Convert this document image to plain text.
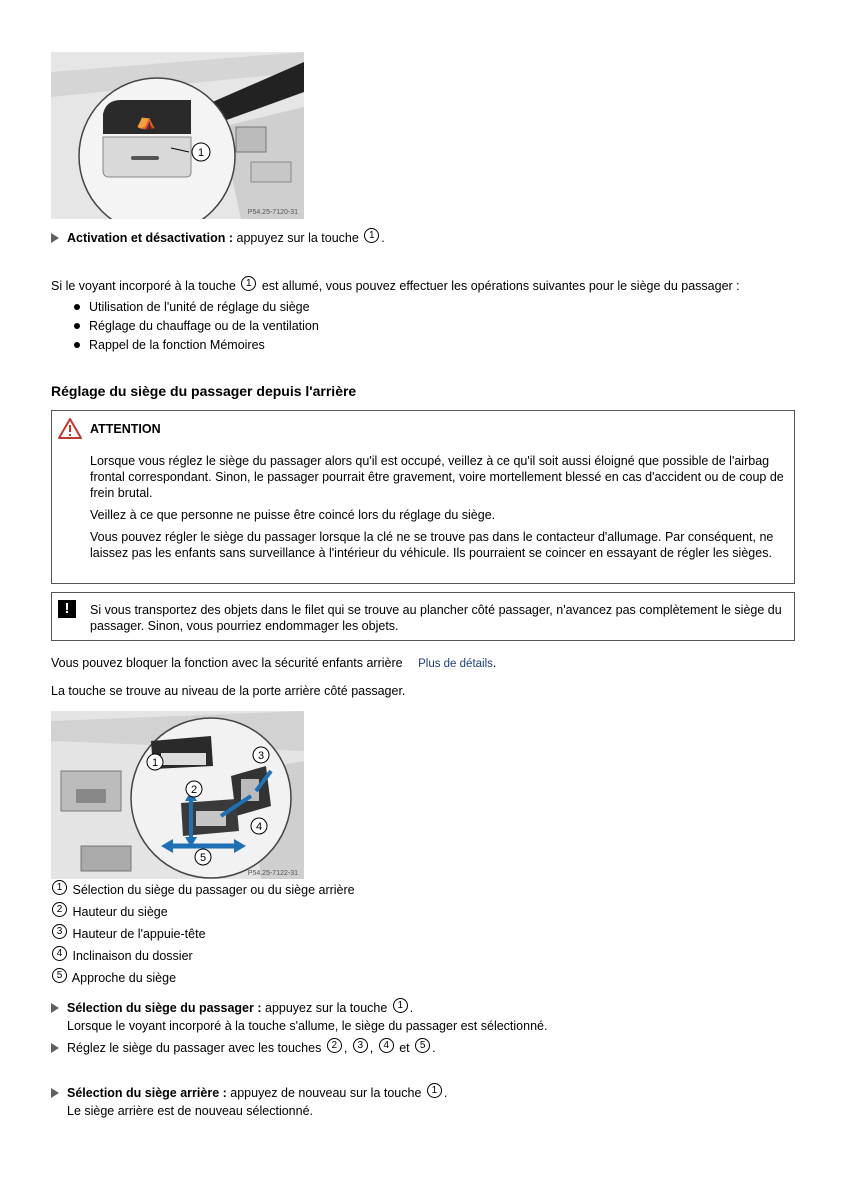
⛺
1
P54.25-7120-31
Activation et désactivation : appuyez sur la touche 1 .
Si le voyant incorporé à la touche 1 est allumé, vous pouvez effectuer les opérations suivantes pour le siège du passager :
Utilisation de l'unité de réglage du siège
Réglage du chauffage ou de la ventilation
Rappel de la fonction Mémoires
Réglage du siège du passager depuis l'arrière
ATTENTION

Lorsque vous réglez le siège du passager alors qu'il est occupé, veillez à ce qu'il soit aussi éloigné que possible de l'airbag frontal correspondant. Sinon, le passager pourrait être gravement, voire mortellement blessé en cas d'accident ou de coup de frein brutal.

Veillez à ce que personne ne puisse être coincé lors du réglage du siège.

Vous pouvez régler le siège du passager lorsque la clé ne se trouve pas dans le contacteur d'allumage. Par conséquent, ne laissez pas les enfants sans surveillance à l'intérieur du véhicule. Ils pourraient se coincer en essayant de régler les sièges.

!	Si vous transportez des objets dans le filet qui se trouve au plancher côté passager, n'avancez pas complètement le siège du passager. Sinon, vous pourriez endommager les objets.
Vous pouvez bloquer la fonction avec la sécurité enfants arrière Plus de détails.
La touche se trouve au niveau de la porte arrière côté passager.
1
2
3
4
5
P54.25-7122-31
1 Sélection du siège du passager ou du siège arrière
2 Hauteur du siège
3 Hauteur de l'appuie-tête
4 Inclinaison du dossier
5 Approche du siège
Sélection du siège du passager : appuyez sur la touche 1 .
Lorsque le voyant incorporé à la touche s'allume, le siège du passager est sélectionné.
Réglez le siège du passager avec les touches 2 , 3 , 4 et 5 .
Sélection du siège arrière : appuyez de nouveau sur la touche 1 .
Le siège arrière est de nouveau sélectionné.
